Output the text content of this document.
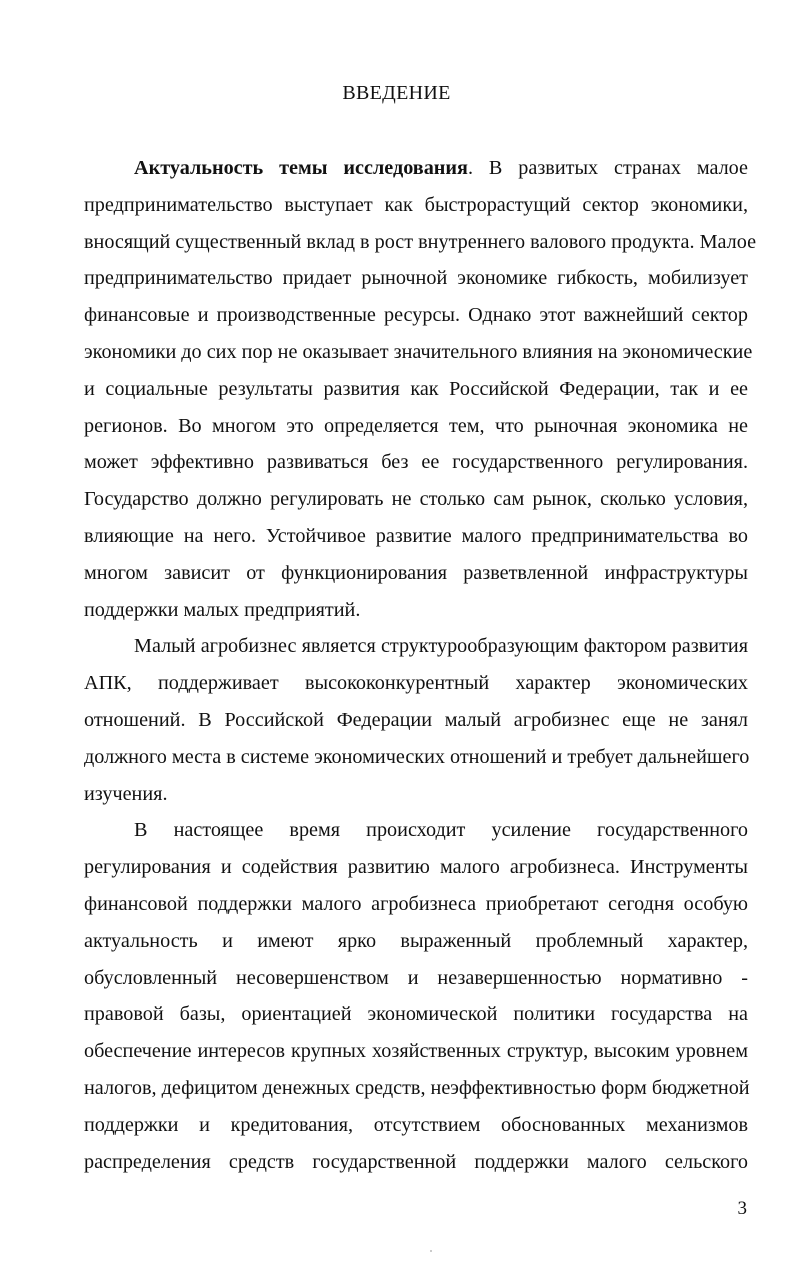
ВВЕДЕНИЕ
Актуальность темы исследования. В развитых странах малое
предпринимательство выступает как быстрорастущий сектор экономики,
вносящий существенный вклад в рост внутреннего валового продукта. Малое
предпринимательство придает рыночной экономике гибкость, мобилизует
финансовые и производственные ресурсы. Однако этот важнейший сектор
экономики до сих пор не оказывает значительного влияния на экономические
и социальные результаты развития как Российской Федерации, так и ее
регионов. Во многом это определяется тем, что рыночная экономика не
может эффективно развиваться без ее государственного регулирования.
Государство должно регулировать не столько сам рынок, сколько условия,
влияющие на него. Устойчивое развитие малого предпринимательства во
многом зависит от функционирования разветвленной инфраструктуры
поддержки малых предприятий.
Малый агробизнес является структурообразующим фактором развития
АПК, поддерживает высококонкурентный характер экономических
отношений. В Российской Федерации малый агробизнес еще не занял
должного места в системе экономических отношений и требует дальнейшего
изучения.
В настоящее время происходит усиление государственного
регулирования и содействия развитию малого агробизнеса. Инструменты
финансовой поддержки малого агробизнеса приобретают сегодня особую
актуальность и имеют ярко выраженный проблемный характер,
обусловленный несовершенством и незавершенностью нормативно -
правовой базы, ориентацией экономической политики государства на
обеспечение интересов крупных хозяйственных структур, высоким уровнем
налогов, дефицитом денежных средств, неэффективностью форм бюджетной
поддержки и кредитования, отсутствием обоснованных механизмов
распределения средств государственной поддержки малого сельского
3
